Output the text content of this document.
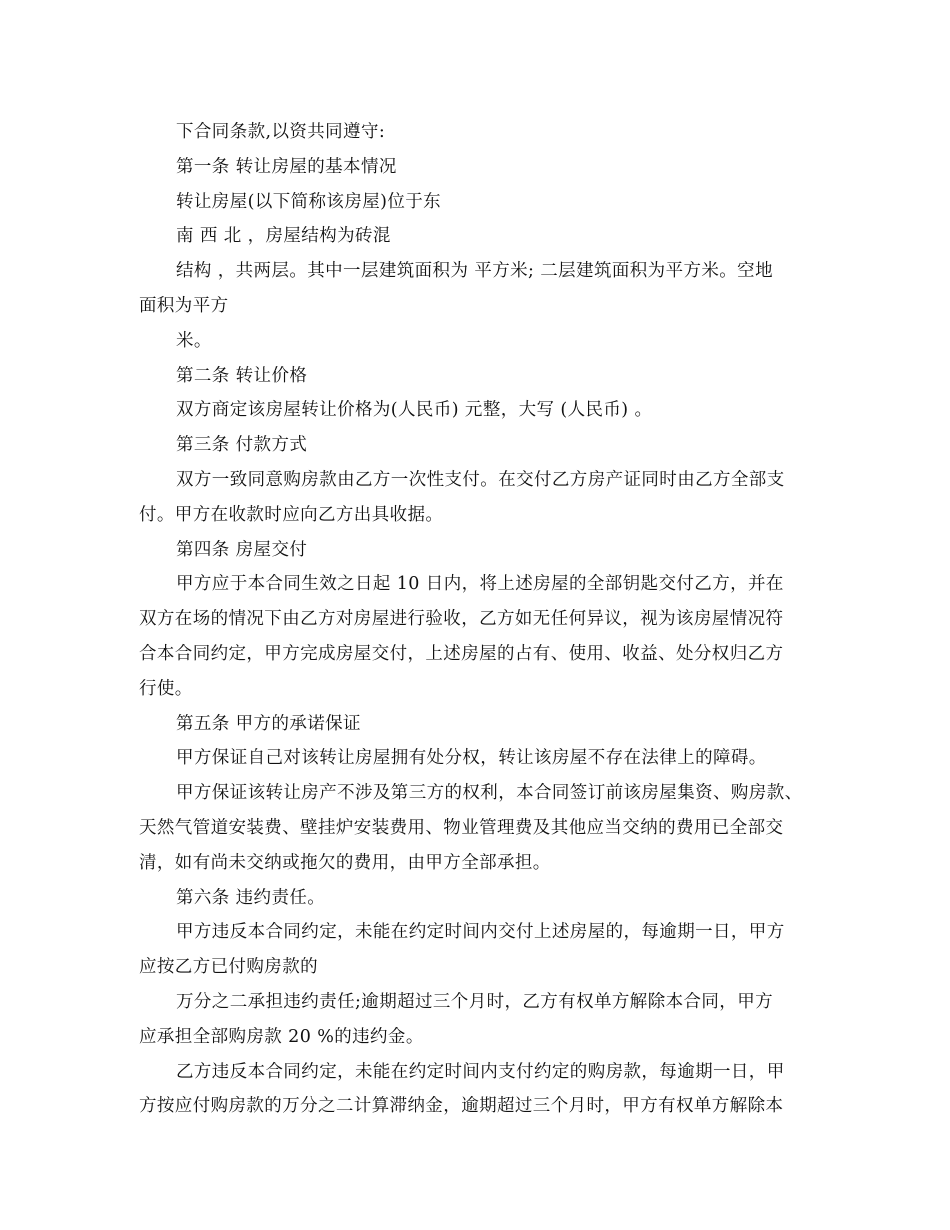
下合同条款,以资共同遵守:
第一条 转让房屋的基本情况
转让房屋(以下简称该房屋)位于东
南 西 北 ，房屋结构为砖混
结构 ，共两层。其中一层建筑面积为 平方米; 二层建筑面积为平方米。空地
面积为平方
米。
第二条 转让价格
双方商定该房屋转让价格为(人民币) 元整，大写 (人民币) 。
第三条 付款方式
双方一致同意购房款由乙方一次性支付。在交付乙方房产证同时由乙方全部支
付。甲方在收款时应向乙方出具收据。
第四条 房屋交付
甲方应于本合同生效之日起 10 日内，将上述房屋的全部钥匙交付乙方，并在
双方在场的情况下由乙方对房屋进行验收，乙方如无任何异议，视为该房屋情况符
合本合同约定，甲方完成房屋交付，上述房屋的占有、使用、收益、处分权归乙方
行使。
第五条 甲方的承诺保证
甲方保证自己对该转让房屋拥有处分权，转让该房屋不存在法律上的障碍。
甲方保证该转让房产不涉及第三方的权利，本合同签订前该房屋集资、购房款、
天然气管道安装费、壁挂炉安装费用、物业管理费及其他应当交纳的费用已全部交
清，如有尚未交纳或拖欠的费用，由甲方全部承担。
第六条 违约责任。
甲方违反本合同约定，未能在约定时间内交付上述房屋的，每逾期一日，甲方
应按乙方已付购房款的
万分之二承担违约责任;逾期超过三个月时，乙方有权单方解除本合同，甲方
应承担全部购房款 20 %的违约金。
乙方违反本合同约定，未能在约定时间内支付约定的购房款，每逾期一日，甲
方按应付购房款的万分之二计算滞纳金，逾期超过三个月时，甲方有权单方解除本
